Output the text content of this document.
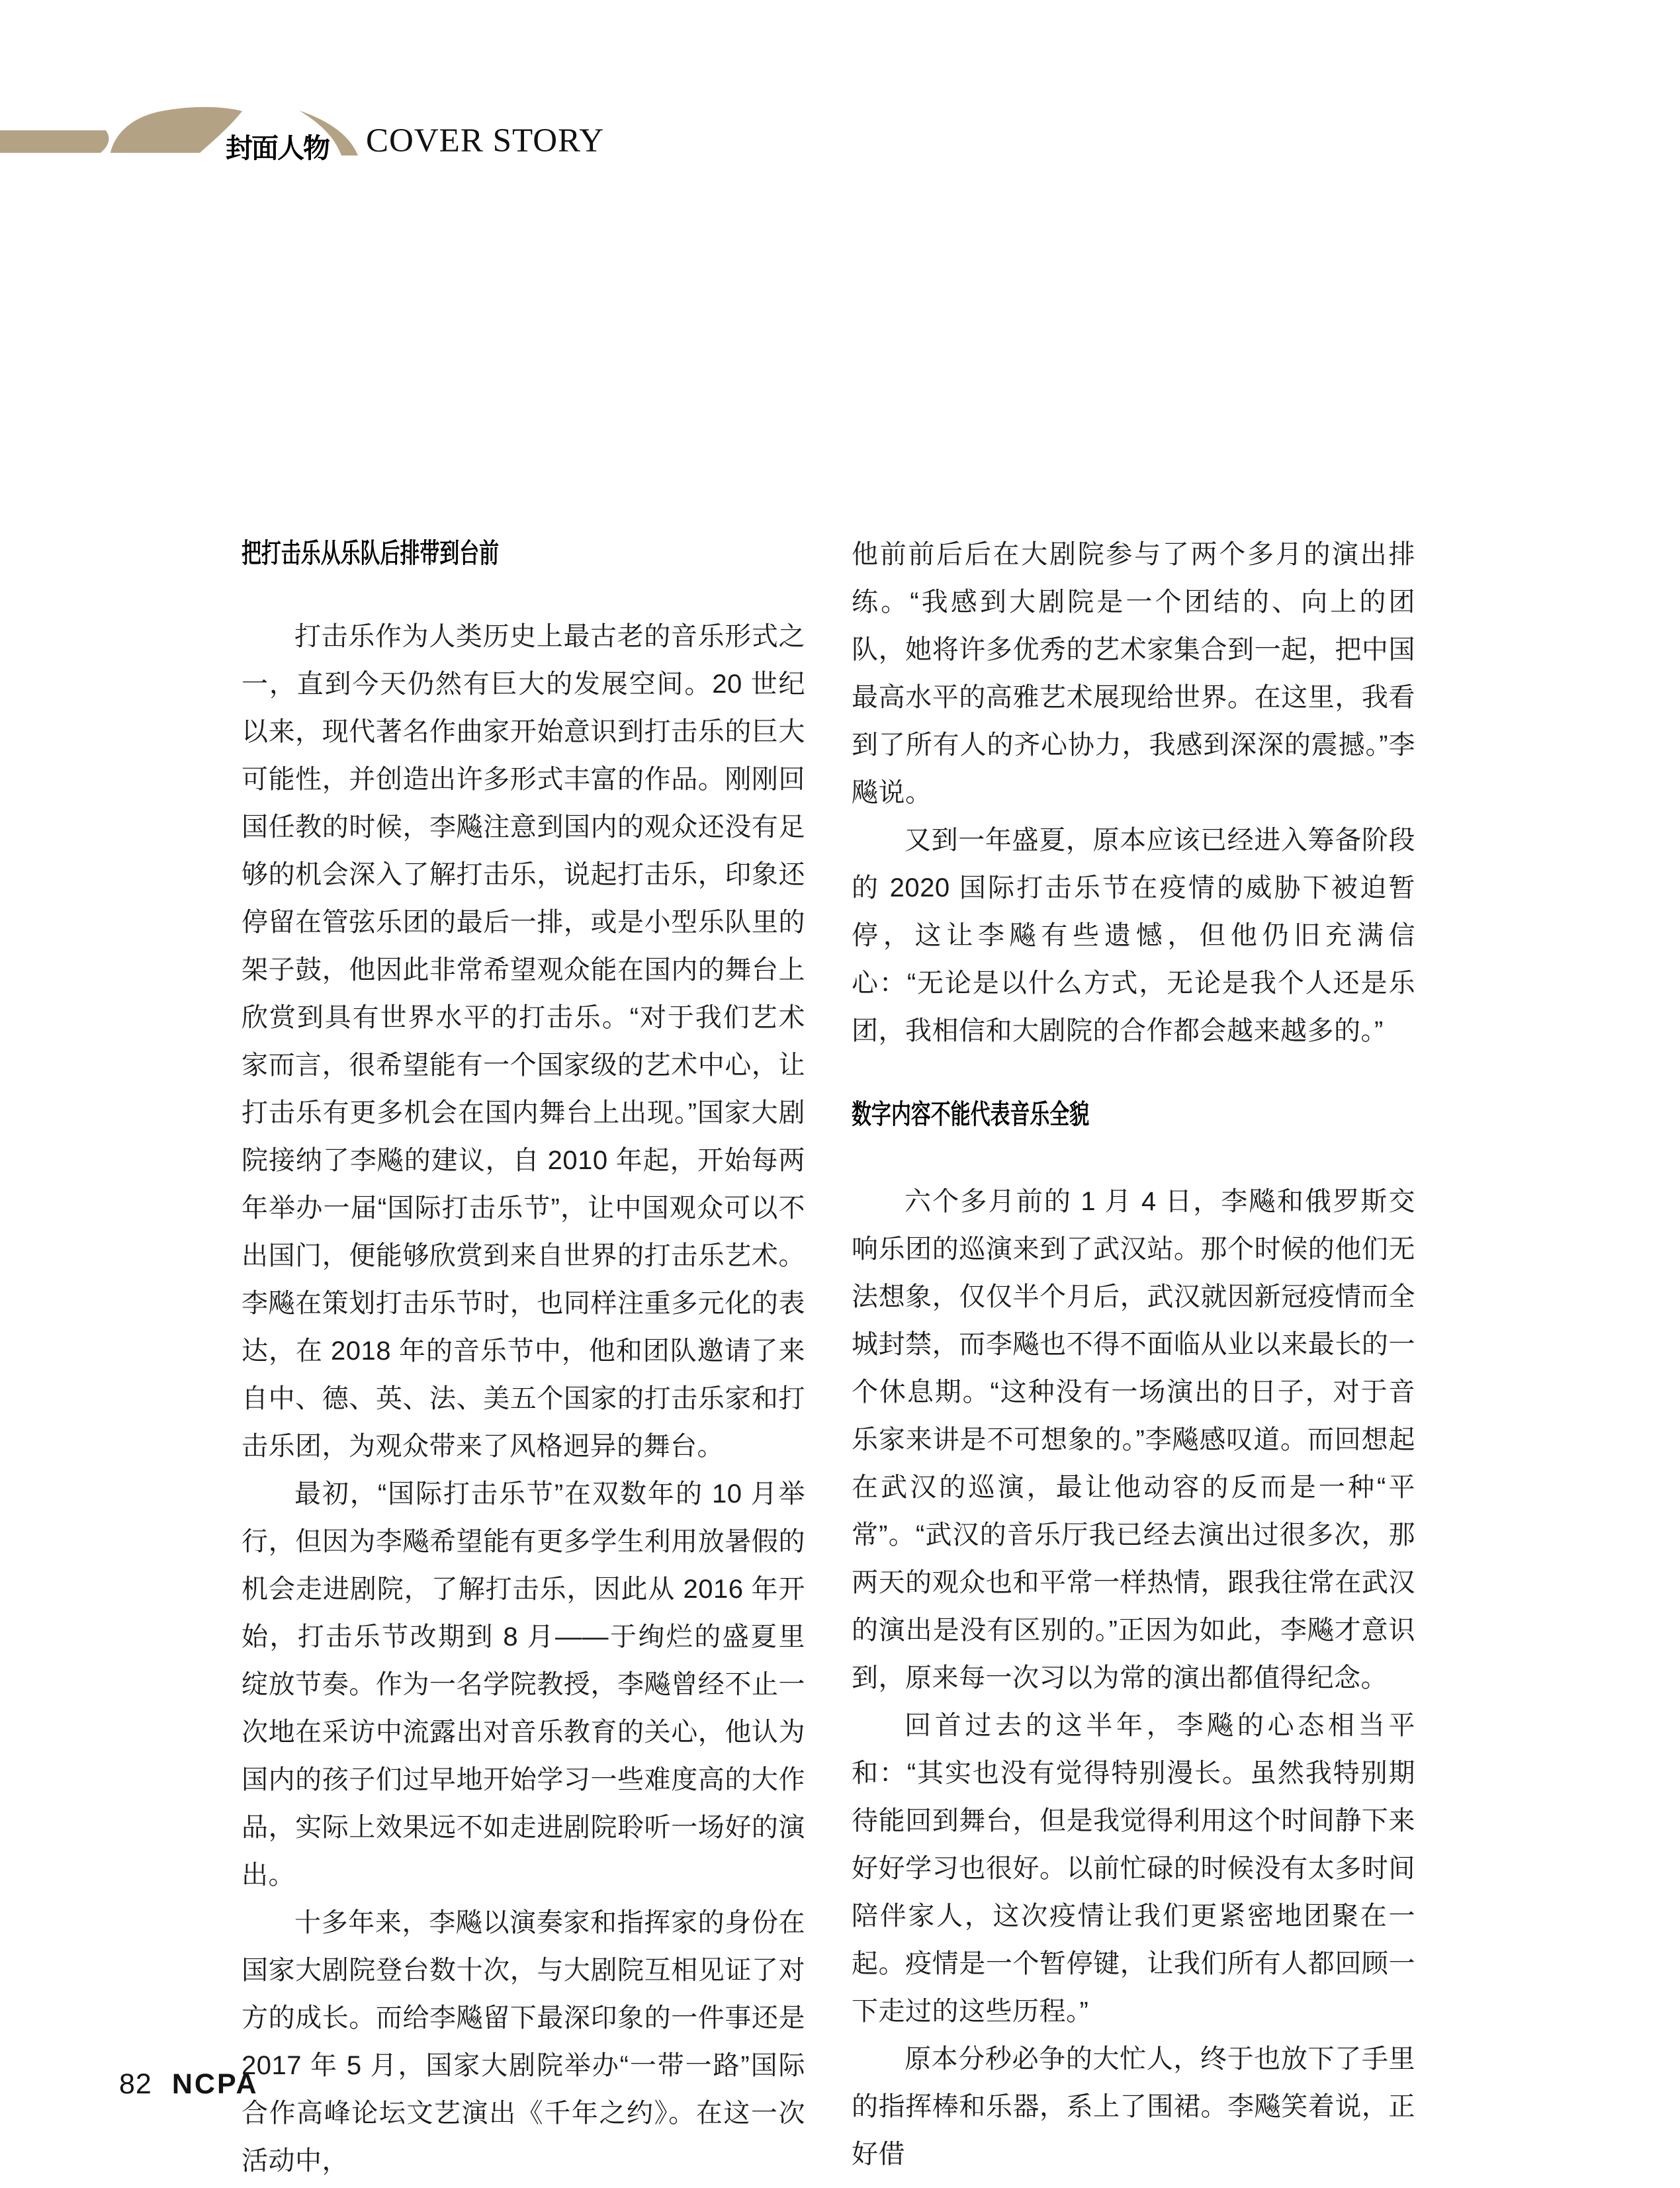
封面人物 COVER STORY
把打击乐从乐队后排带到台前

打击乐作为人类历史上最古老的音乐形式之一，直到今天仍然有巨大的发展空间。20 世纪以来，现代著名作曲家开始意识到打击乐的巨大可能性，并创造出许多形式丰富的作品。刚刚回国任教的时候，李飚注意到国内的观众还没有足够的机会深入了解打击乐，说起打击乐，印象还停留在管弦乐团的最后一排，或是小型乐队里的架子鼓，他因此非常希望观众能在国内的舞台上欣赏到具有世界水平的打击乐。“对于我们艺术家而言，很希望能有一个国家级的艺术中心，让打击乐有更多机会在国内舞台上出现。”国家大剧院接纳了李飚的建议，自 2010 年起，开始每两年举办一届“国际打击乐节”，让中国观众可以不出国门，便能够欣赏到来自世界的打击乐艺术。李飚在策划打击乐节时，也同样注重多元化的表达，在 2018 年的音乐节中，他和团队邀请了来自中、德、英、法、美五个国家的打击乐家和打击乐团，为观众带来了风格迥异的舞台。

最初，“国际打击乐节”在双数年的 10 月举行，但因为李飚希望能有更多学生利用放暑假的机会走进剧院，了解打击乐，因此从 2016 年开始，打击乐节改期到 8 月——于绚烂的盛夏里绽放节奏。作为一名学院教授，李飚曾经不止一次地在采访中流露出对音乐教育的关心，他认为国内的孩子们过早地开始学习一些难度高的大作品，实际上效果远不如走进剧院聆听一场好的演出。

十多年来，李飚以演奏家和指挥家的身份在国家大剧院登台数十次，与大剧院互相见证了对方的成长。而给李飚留下最深印象的一件事还是 2017 年 5 月，国家大剧院举办“一带一路”国际合作高峰论坛文艺演出《千年之约》。在这一次活动中，

他前前后后在大剧院参与了两个多月的演出排练。“我感到大剧院是一个团结的、向上的团队，她将许多优秀的艺术家集合到一起，把中国最高水平的高雅艺术展现给世界。在这里，我看到了所有人的齐心协力，我感到深深的震撼。”李飚说。

又到一年盛夏，原本应该已经进入筹备阶段的 2020 国际打击乐节在疫情的威胁下被迫暂停，这让李飚有些遗憾，但他仍旧充满信心：“无论是以什么方式，无论是我个人还是乐团，我相信和大剧院的合作都会越来越多的。”

数字内容不能代表音乐全貌

六个多月前的 1 月 4 日，李飚和俄罗斯交响乐团的巡演来到了武汉站。那个时候的他们无法想象，仅仅半个月后，武汉就因新冠疫情而全城封禁，而李飚也不得不面临从业以来最长的一个休息期。“这种没有一场演出的日子，对于音乐家来讲是不可想象的。”李飚感叹道。而回想起在武汉的巡演，最让他动容的反而是一种“平常”。“武汉的音乐厅我已经去演出过很多次，那两天的观众也和平常一样热情，跟我往常在武汉的演出是没有区别的。”正因为如此，李飚才意识到，原来每一次习以为常的演出都值得纪念。

回首过去的这半年，李飚的心态相当平和：“其实也没有觉得特别漫长。虽然我特别期待能回到舞台，但是我觉得利用这个时间静下来好好学习也很好。以前忙碌的时候没有太多时间陪伴家人，这次疫情让我们更紧密地团聚在一起。疫情是一个暂停键，让我们所有人都回顾一下走过的这些历程。”

原本分秒必争的大忙人，终于也放下了手里的指挥棒和乐器，系上了围裙。李飚笑着说，正好借

82 NCPA
